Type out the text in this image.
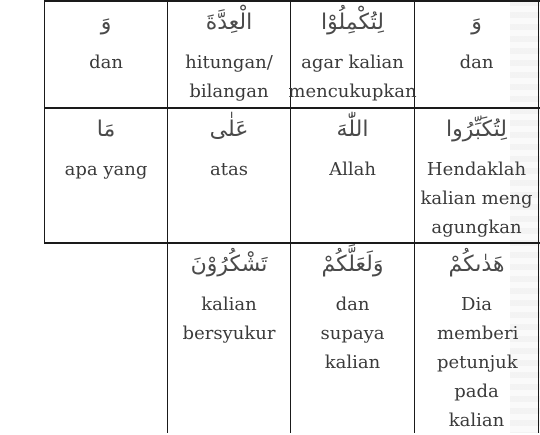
وَ
dan
الْعِدَّةَ
hitungan/ bilangan
لِتُكْمِلُوْا
agar kalian mencukupkan
وَ
dan
مَا
apa yang
عَلٰى
atas
اللّٰهَ
Allah
لِتُكَبِّرُوا
Hendaklah kalian meng agungkan
تَشْكُرُوْنَ
kalian bersyukur
وَلَعَلَّكُمْ
dan supaya kalian
هَدٰىكُمْ
Dia memberi petunjuk pada kalian
